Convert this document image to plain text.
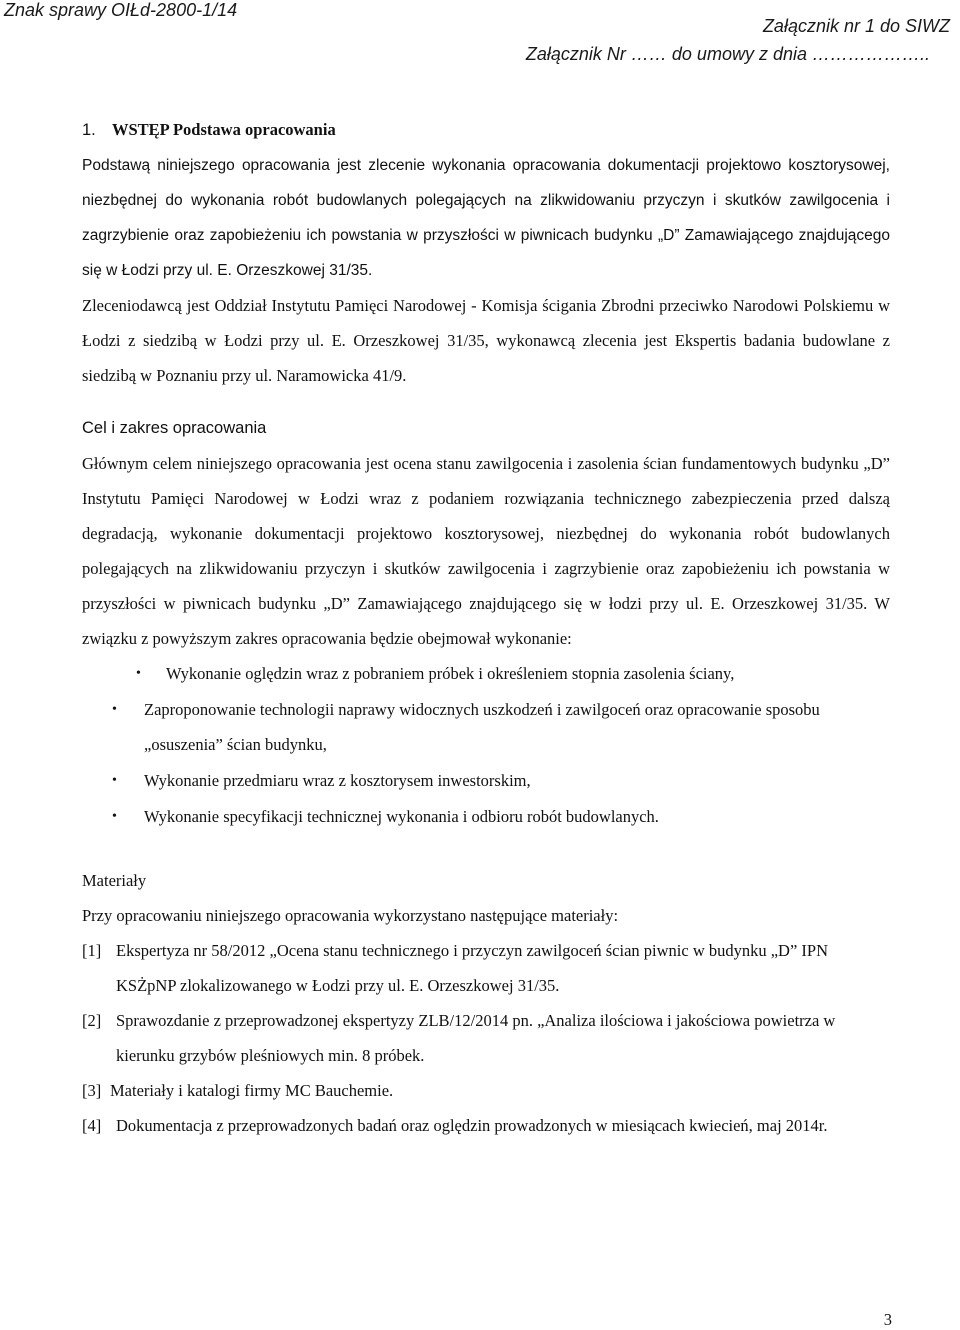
Znak sprawy OIŁd-2800-1/14
Załącznik nr 1 do SIWZ
Załącznik Nr …… do umowy z dnia ………………..
1. WSTĘP Podstawa opracowania

Podstawą niniejszego opracowania jest zlecenie wykonania opracowania dokumentacji projektowo kosztorysowej, niezbędnej do wykonania robót budowlanych polegających na zlikwidowaniu przyczyn i skutków zawilgocenia i zagrzybienie oraz zapobieżeniu ich powstania w przyszłości w piwnicach budynku „D” Zamawiającego znajdującego się w Łodzi przy ul. E. Orzeszkowej 31/35.

Zleceniodawcą jest Oddział Instytutu Pamięci Narodowej - Komisja ścigania Zbrodni przeciwko Narodowi Polskiemu w Łodzi z siedzibą w Łodzi przy ul. E. Orzeszkowej 31/35, wykonawcą zlecenia jest Ekspertis badania budowlane z siedzibą w Poznaniu przy ul. Naramowicka 41/9.

Cel i zakres opracowania

Głównym celem niniejszego opracowania jest ocena stanu zawilgocenia i zasolenia ścian fundamentowych budynku „D” Instytutu Pamięci Narodowej w Łodzi wraz z podaniem rozwiązania technicznego zabezpieczenia przed dalszą degradacją, wykonanie dokumentacji projektowo kosztorysowej, niezbędnej do wykonania robót budowlanych polegających na zlikwidowaniu przyczyn i skutków zawilgocenia i zagrzybienie oraz zapobieżeniu ich powstania w przyszłości w piwnicach budynku „D” Zamawiającego znajdującego się w łodzi przy ul. E. Orzeszkowej 31/35. W związku z powyższym zakres opracowania będzie obejmował wykonanie:

• Wykonanie oględzin wraz z pobraniem próbek i określeniem stopnia zasolenia ściany,
• Zaproponowanie technologii naprawy widocznych uszkodzeń i zawilgoceń oraz opracowanie sposobu „osuszenia” ścian budynku,
• Wykonanie przedmiaru wraz z kosztorysem inwestorskim,
• Wykonanie specyfikacji technicznej wykonania i odbioru robót budowlanych.
Materiały

Przy opracowaniu niniejszego opracowania wykorzystano następujące materiały:

[1] Ekspertyza nr 58/2012 „Ocena stanu technicznego i przyczyn zawilgoceń ścian piwnic w budynku „D” IPN KSŻpNP zlokalizowanego w Łodzi przy ul. E. Orzeszkowej 31/35.
[2] Sprawozdanie z przeprowadzonej ekspertyzy ZLB/12/2014 pn. „Analiza ilościowa i jakościowa powietrza w kierunku grzybów pleśniowych min. 8 próbek.
[3] Materiały i katalogi firmy MC Bauchemie.
[4] Dokumentacja z przeprowadzonych badań oraz oględzin prowadzonych w miesiącach kwiecień, maj 2014r.
3
